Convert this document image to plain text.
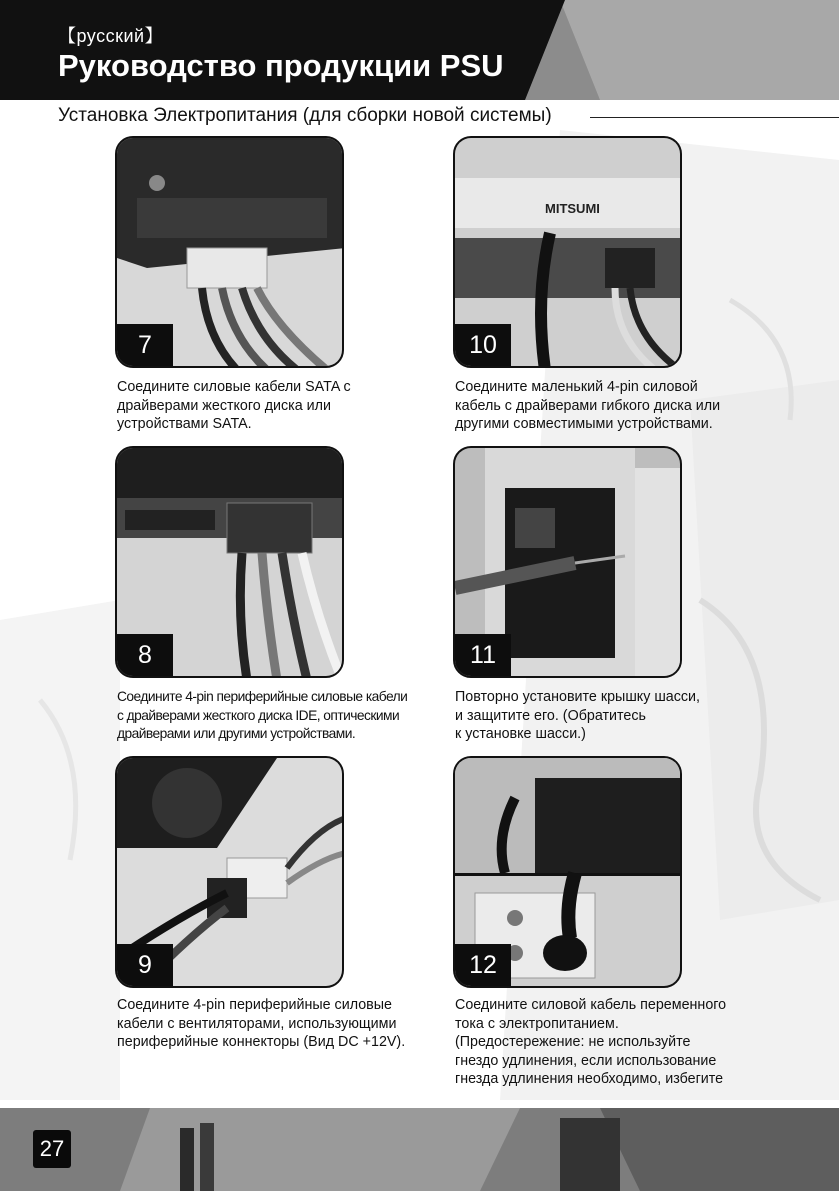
【русский】
Руководство продукции PSU
Установка Электропитания (для сборки новой системы)
7
Соедините силовые кабели SATA с
драйверами жесткого диска или
устройствами SATA.
MITSUMI
10
Соедините маленький 4-pin силовой
кабель с драйверами гибкого диска или
другими совместимыми устройствами.
8
Соедините 4-pin периферийные силовые кабели
с драйверами жесткого диска IDE, оптическими
драйверами или другими устройствами.
11
Повторно установите крышку шасси,
и защитите его. (Обратитесь
к установке шасси.)
9
Соедините 4-pin периферийные силовые
кабели с вентиляторами, использующими
периферийные коннекторы (Вид DC +12V).
12
Соедините силовой кабель переменного
тока с электропитанием.
(Предостережение: не используйте
гнездо удлинения, если использование
гнезда удлинения необходимо, избегите
27
